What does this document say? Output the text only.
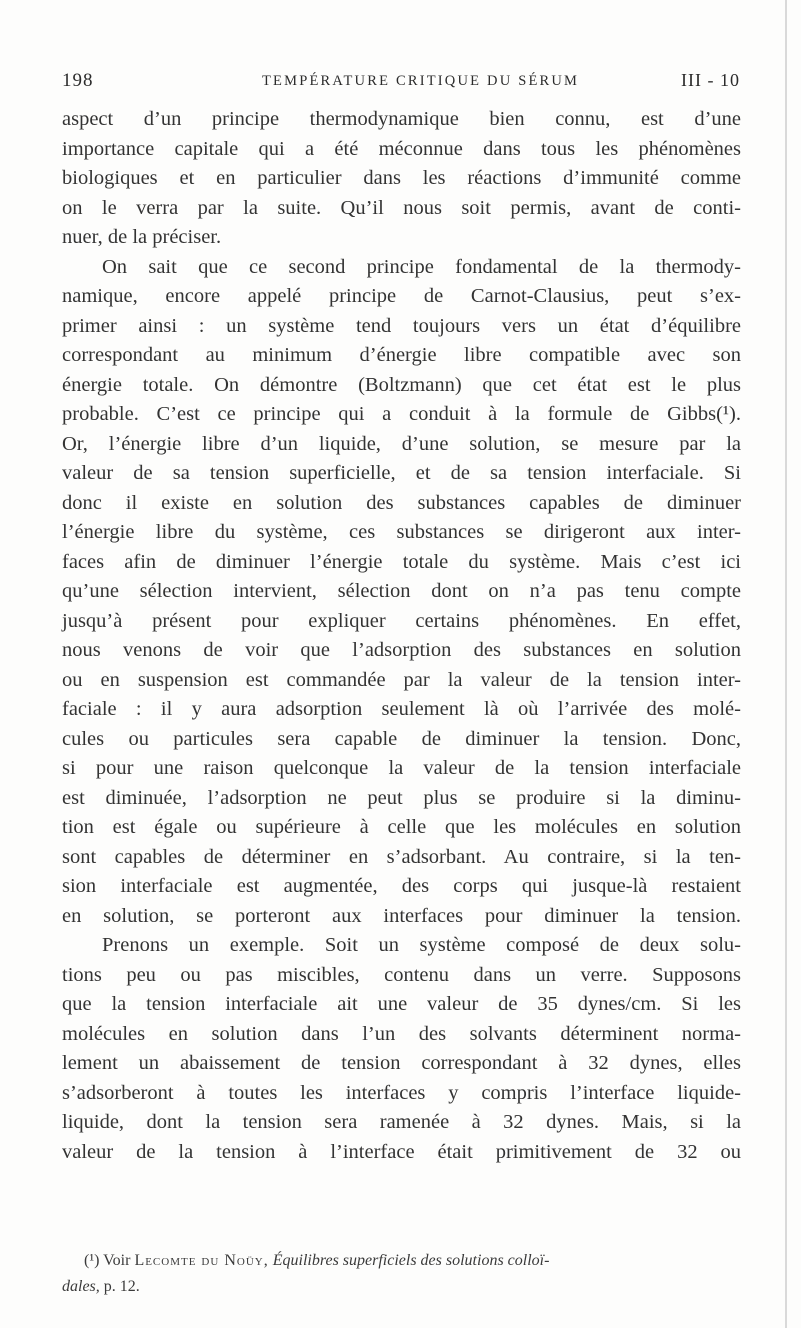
198	TEMPÉRATURE CRITIQUE DU SÉRUM	III - 10
aspect d’un principe thermodynamique bien connu, est d’une
importance capitale qui a été méconnue dans tous les phénomènes
biologiques et en particulier dans les réactions d’immunité comme
on le verra par la suite. Qu’il nous soit permis, avant de conti-
nuer, de la préciser.
On sait que ce second principe fondamental de la thermody-
namique, encore appelé principe de Carnot-Clausius, peut s’ex-
primer ainsi : un système tend toujours vers un état d’équilibre
correspondant au minimum d’énergie libre compatible avec son
énergie totale. On démontre (Boltzmann) que cet état est le plus
probable. C’est ce principe qui a conduit à la formule de Gibbs(¹).
Or, l’énergie libre d’un liquide, d’une solution, se mesure par la
valeur de sa tension superficielle, et de sa tension interfaciale. Si
donc il existe en solution des substances capables de diminuer
l’énergie libre du système, ces substances se dirigeront aux inter-
faces afin de diminuer l’énergie totale du système. Mais c’est ici
qu’une sélection intervient, sélection dont on n’a pas tenu compte
jusqu’à présent pour expliquer certains phénomènes. En effet,
nous venons de voir que l’adsorption des substances en solution
ou en suspension est commandée par la valeur de la tension inter-
faciale : il y aura adsorption seulement là où l’arrivée des molé-
cules ou particules sera capable de diminuer la tension. Donc,
si pour une raison quelconque la valeur de la tension interfaciale
est diminuée, l’adsorption ne peut plus se produire si la diminu-
tion est égale ou supérieure à celle que les molécules en solution
sont capables de déterminer en s’adsorbant. Au contraire, si la ten-
sion interfaciale est augmentée, des corps qui jusque-là restaient
en solution, se porteront aux interfaces pour diminuer la tension.
Prenons un exemple. Soit un système composé de deux solu-
tions peu ou pas miscibles, contenu dans un verre. Supposons
que la tension interfaciale ait une valeur de 35 dynes/cm. Si les
molécules en solution dans l’un des solvants déterminent norma-
lement un abaissement de tension correspondant à 32 dynes, elles
s’adsorberont à toutes les interfaces y compris l’interface liquide-
liquide, dont la tension sera ramenée à 32 dynes. Mais, si la
valeur de la tension à l’interface était primitivement de 32 ou
(¹) Voir Lecomte du Noüy, Équilibres superficiels des solutions colloï-
dales, p. 12.
